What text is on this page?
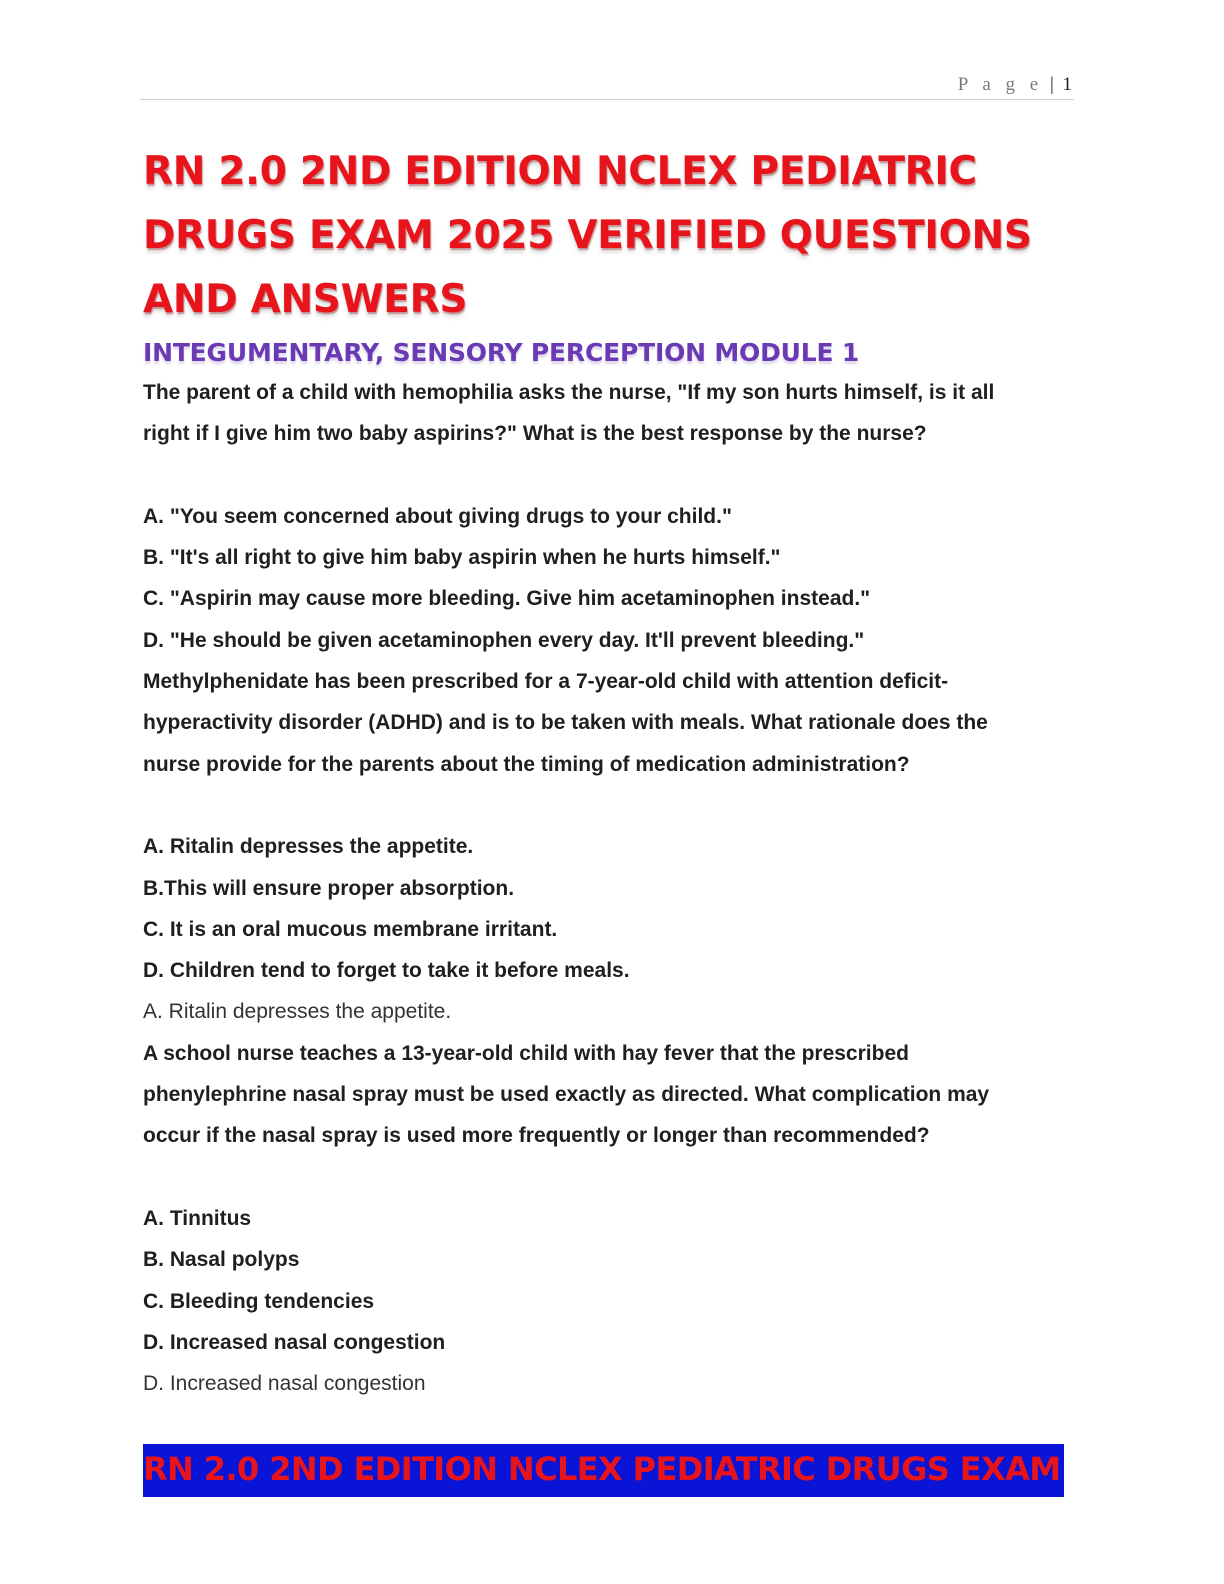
P a g e | 1
RN 2.0 2ND EDITION NCLEX PEDIATRIC
DRUGS EXAM 2025 VERIFIED QUESTIONS
AND ANSWERS
INTEGUMENTARY, SENSORY PERCEPTION MODULE 1
The parent of a child with hemophilia asks the nurse, "If my son hurts himself, is it all
right if I give him two baby aspirins?" What is the best response by the nurse?
A. "You seem concerned about giving drugs to your child."
B. "It's all right to give him baby aspirin when he hurts himself."
C. "Aspirin may cause more bleeding. Give him acetaminophen instead."
D. "He should be given acetaminophen every day. It'll prevent bleeding."
Methylphenidate has been prescribed for a 7-year-old child with attention deficit-
hyperactivity disorder (ADHD) and is to be taken with meals. What rationale does the
nurse provide for the parents about the timing of medication administration?
A. Ritalin depresses the appetite.
B.This will ensure proper absorption.
C. It is an oral mucous membrane irritant.
D. Children tend to forget to take it before meals.
A. Ritalin depresses the appetite.
A school nurse teaches a 13-year-old child with hay fever that the prescribed
phenylephrine nasal spray must be used exactly as directed. What complication may
occur if the nasal spray is used more frequently or longer than recommended?
A. Tinnitus
B. Nasal polyps
C. Bleeding tendencies
D. Increased nasal congestion
D. Increased nasal congestion
RN 2.0 2ND EDITION NCLEX PEDIATRIC DRUGS EXAM
